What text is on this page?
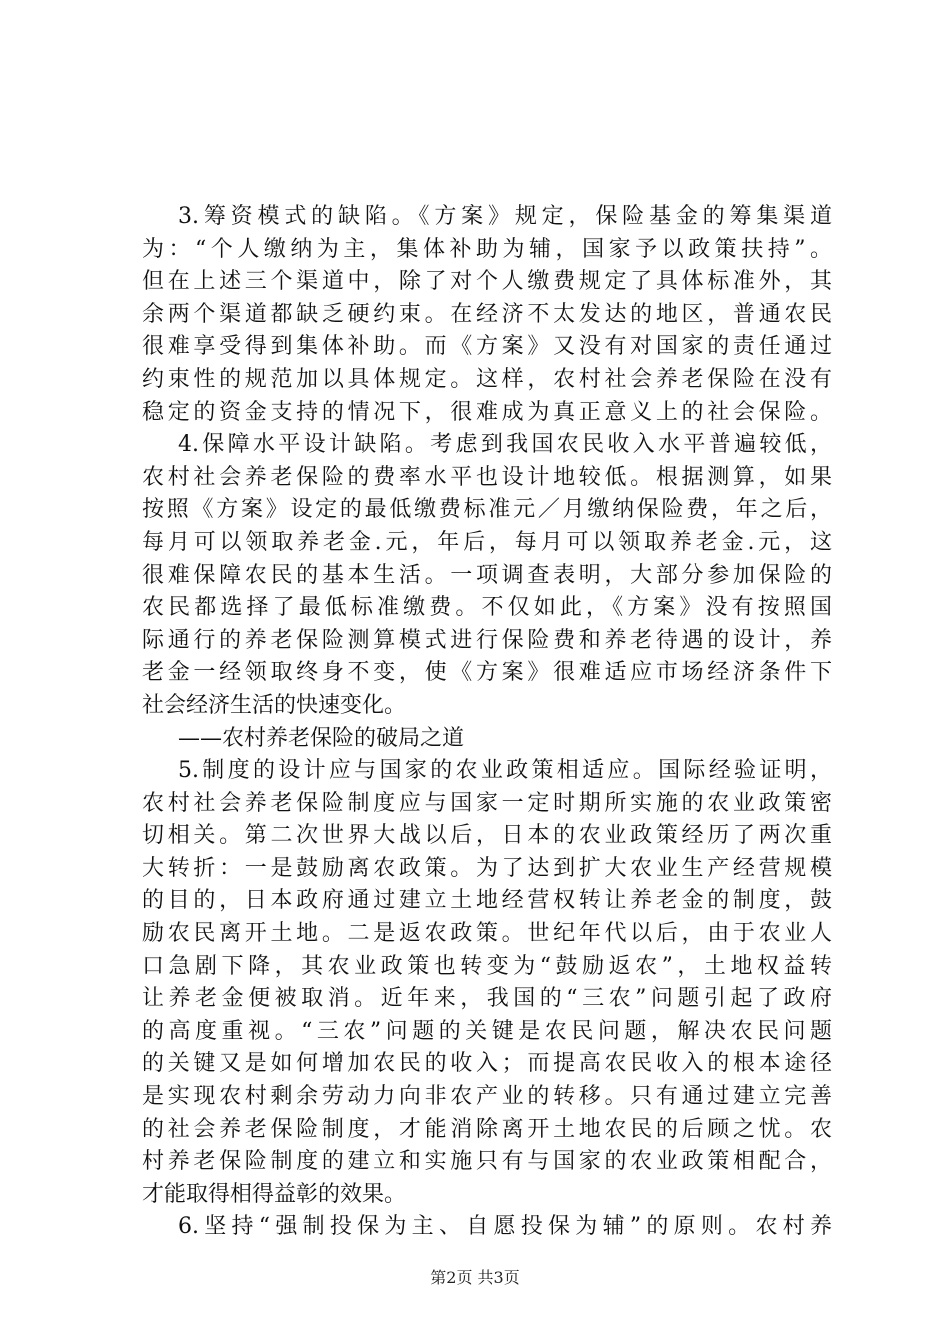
3.筹资模式的缺陷。《方案》规定，保险基金的筹集渠道
为：“个人缴纳为主，集体补助为辅，国家予以政策扶持”。
但在上述三个渠道中，除了对个人缴费规定了具体标准外，其
余两个渠道都缺乏硬约束。在经济不太发达的地区，普通农民
很难享受得到集体补助。而《方案》又没有对国家的责任通过
约束性的规范加以具体规定。这样，农村社会养老保险在没有
稳定的资金支持的情况下，很难成为真正意义上的社会保险。
4.保障水平设计缺陷。考虑到我国农民收入水平普遍较低，
农村社会养老保险的费率水平也设计地较低。根据测算，如果
按照《方案》设定的最低缴费标准元／月缴纳保险费，年之后，
每月可以领取养老金.元，年后，每月可以领取养老金.元，这
很难保障农民的基本生活。一项调查表明，大部分参加保险的
农民都选择了最低标准缴费。不仅如此，《方案》没有按照国
际通行的养老保险测算模式进行保险费和养老待遇的设计，养
老金一经领取终身不变，使《方案》很难适应市场经济条件下
社会经济生活的快速变化。
——农村养老保险的破局之道
5.制度的设计应与国家的农业政策相适应。国际经验证明，
农村社会养老保险制度应与国家一定时期所实施的农业政策密
切相关。第二次世界大战以后，日本的农业政策经历了两次重
大转折：一是鼓励离农政策。为了达到扩大农业生产经营规模
的目的，日本政府通过建立土地经营权转让养老金的制度，鼓
励农民离开土地。二是返农政策。世纪年代以后，由于农业人
口急剧下降，其农业政策也转变为“鼓励返农”，土地权益转
让养老金便被取消。近年来，我国的“三农”问题引起了政府
的高度重视。“三农”问题的关键是农民问题，解决农民问题
的关键又是如何增加农民的收入；而提高农民收入的根本途径
是实现农村剩余劳动力向非农产业的转移。只有通过建立完善
的社会养老保险制度，才能消除离开土地农民的后顾之忧。农
村养老保险制度的建立和实施只有与国家的农业政策相配合，
才能取得相得益彰的效果。
6.坚持“强制投保为主、自愿投保为辅”的原则。农村养
第2页 共3页
